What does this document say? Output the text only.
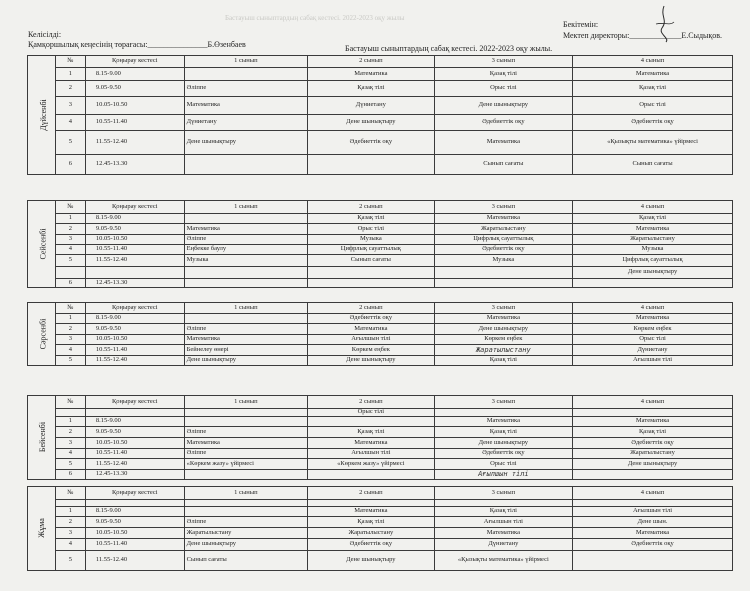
Келісілді:
Қамқоршылық кеңесінің төрағасы:_______________Б.Өзенбаев
Бекітемін:
Мектеп директоры:_____________Е.Сыдықов.
Бастауыш сыныптардың сабақ кестесі. 2022-2023 оқу жылы.
Бастауыш сыныптардың сабақ кестесі. 2022-2023 оқу жылы
Дүйсенбі	№	Қоңырау кестесі	1 сынып	2 сынып	3 сынып	4 сынып
	1	8.15-9.00		Математика	Қазақ тілі	Математика
	2	9.05-9.50	Әліппе	Қазақ тілі	Орыс тілі	Қазақ тілі
	3	10.05-10.50	Математика	Дүниетану	Дене шынықтыру	Орыс тілі
	4	10.55-11.40	Дүниетану	Дене шынықтыру	Әдебиеттік оқу	Әдебиеттік оқу
	5	11.55-12.40	Дене шынықтыру	Әдебиеттік оқу	Математика	«Қызықты математика» үйірмесі
	6	12.45-13.30			Сынып сағаты	Сынып сағаты
Сейсенбі	№	Қоңырау кестесі	1 сынып	2 сынып	3 сынып	4 сынып
	1	8.15-9.00		Қазақ тілі	Математика	Қазақ тілі
	2	9.05-9.50	Математика	Орыс тілі	Жаратылыстану	Математика
	3	10.05-10.50	Әліппе	Музыка	Цифрлық сауаттылық	Жаратылыстану
	4	10.55-11.40	Еңбекке баулу	Цифрлық сауаттылық	Әдебиеттік оқу	Музыка
	5	11.55-12.40	Музыка	Сынып сағаты	Музыка	Цифрлық сауаттылық
						Дене шынықтыру
	6	12.45-13.30				
Сәрсенбі	№	Қоңырау кестесі	1 сынып	2 сынып	3 сынып	4 сынып
	1	8.15-9.00		Әдебиеттік оқу	Математика	Математика
	2	9.05-9.50	Әліппе	Математика	Дене шынықтыру	Көркем еңбек
	3	10.05-10.50	Математика	Ағылшын тілі	Көркем еңбек	Орыс тілі
	4	10.55-11.40	Бейнелеу өнері	Көркем еңбек	Жаратылыстану	Дүниетану
	5	11.55-12.40	Дене шынықтыру	Дене шынықтыру	Қазақ тілі	Ағылшын тілі
Бейсенбі	№	Қоңырау кестесі	1 сынып	2 сынып	3 сынып	4 сынып
				Орыс тілі		
	1	8.15-9.00			Математика	Математика
	2	9.05-9.50	Әліппе	Қазақ тілі	Қазақ тілі	Қазақ тілі
	3	10.05-10.50	Математика	Математика	Дене шынықтыру	Әдебиеттік оқу
	4	10.55-11.40	Әліппе	Ағылшын тілі	Әдебиеттік оқу	Жаратылыстану
	5	11.55-12.40	«Көркем жазу» үйірмесі	«Көркем жазу» үйірмесі	Орыс тілі	Дене шынықтыру
	6	12.45-13.30			Ағылшын тілі	
Жұма	№	Қоңырау кестесі	1 сынып	2 сынып	3 сынып	4 сынып

	1	8.15-9.00		Математика	Қазақ тілі	Ағылшын тілі
	2	9.05-9.50	Әліппе	Қазақ тілі	Ағылшын тілі	Дене шын.
	3	10.05-10.50	Жаратылыстану	Жаратылыстану	Математика	Математика
	4	10.55-11.40	Дене шынықтыру	Әдебиеттік оқу	Дүниетану	Әдебиеттік оқу
	5	11.55-12.40	Сынып сағаты	Дене шынықтыру	«Қызықты математика» үйірмесі	
